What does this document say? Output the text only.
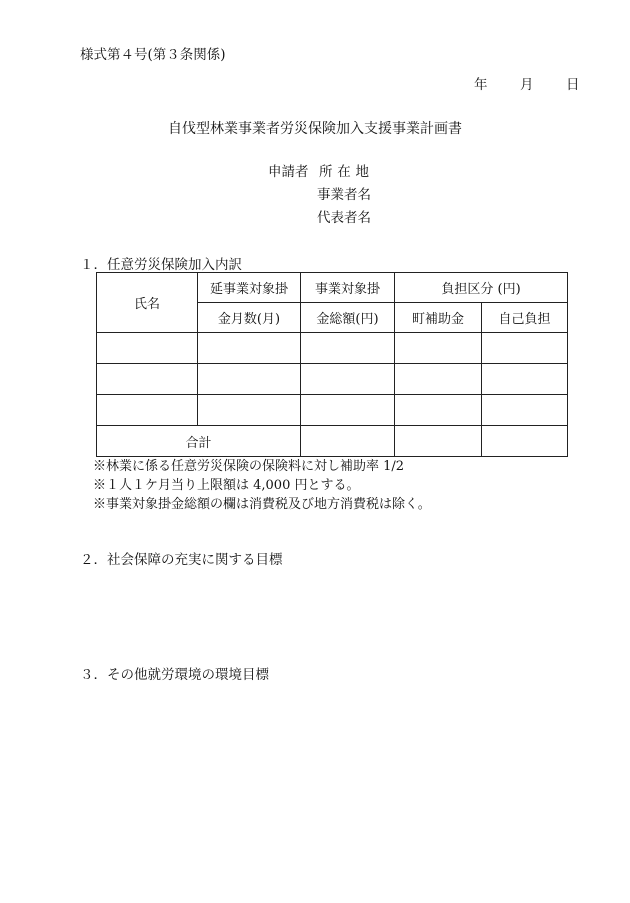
様式第４号(第３条関係)
年 月 日
自伐型林業事業者労災保険加入支援事業計画書
申請者 所在地
事業者名
代表者名
１．任意労災保険加入内訳
氏名	延事業対象掛	事業対象掛	負担区分 (円)	
	金月数(月)	金総額(円)	町補助金	自己負担

合計				
※林業に係る任意労災保険の保険料に対し補助率 1/2
※１人１ケ月当り上限額は 4,000 円とする。
※事業対象掛金総額の欄は消費税及び地方消費税は除く。
２．社会保障の充実に関する目標
３．その他就労環境の環境目標
